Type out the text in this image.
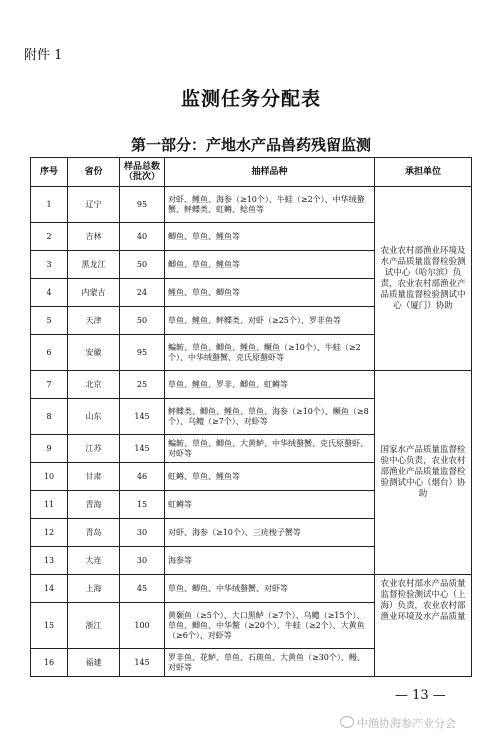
附件 1
监测任务分配表
第一部分：产地水产品兽药残留监测
序号	省份	样品总数（批次）	抽样品种	承担单位
1	辽宁	95	对虾、鲤鱼、海参（≥10个）、牛蛙（≥2个）、中华绒螯蟹、鲆鲽类、虹鳟、鲶鱼等	农业农村部渔业环境及水产品质量监督检验测试中心（哈尔滨）负责，农业农村部渔业产品质量监督检验测试中心（厦门）协助
2	吉林	40	鲫鱼、草鱼、鲤鱼等	
3	黑龙江	50	鲫鱼、草鱼、鲤鱼等	
4	内蒙古	24	鲤鱼、草鱼、鲫鱼等	
5	天津	50	草鱼、鲤鱼、鲆鲽类、对虾（≥25个）、罗非鱼等	
6	安徽	95	鳊鲂、草鱼、鲫鱼、鲤鱼、鳜鱼（≥10个）、牛蛙（≥2个）、中华绒螯蟹、克氏原螯虾等	
7	北京	25	草鱼、鲤鱼、罗非、鲫鱼、虹鳟等	国家水产品质量监督检验中心负责，农业农村部渔业产品质量监督检验测试中心（烟台）协助
8	山东	145	鲆鲽类、鲫鱼、鲤鱼、草鱼、海参（≥10个）、鳜鱼（≥8个）、乌鳢（≥7个）、对虾等	
9	江苏	145	鳊鲂、草鱼、鲫鱼、大黄鲈、中华绒螯蟹、克氏原螯虾、对虾等	
10	甘肃	46	虹鳟、草鱼、鲤鱼等	
11	青海	15	虹鳟等	
12	青岛	30	对虾、海参（≥10个）、三疣梭子蟹等	
13	大连	30	海参等	
14	上海	45	草鱼、鲫鱼、中华绒螯蟹、对虾等	农业农村部水产品质量监督检验测试中心（上海）负责，农业农村部渔业环境及水产品质量
15	浙江	100	黄颡鱼（≥5个）、大口黑鲈（≥7个）、乌鳢（≥15个）、草鱼、鲫鱼、中华鳖（≥20个）、牛蛙（≥2个）、大黄鱼（≥6个）、对虾等	
16	福建	145	罗非鱼、花鲈、草鱼、石斑鱼、大黄鱼（≥30个）、鳗、对虾等	
— 13 —
中渔协海参产业分会
